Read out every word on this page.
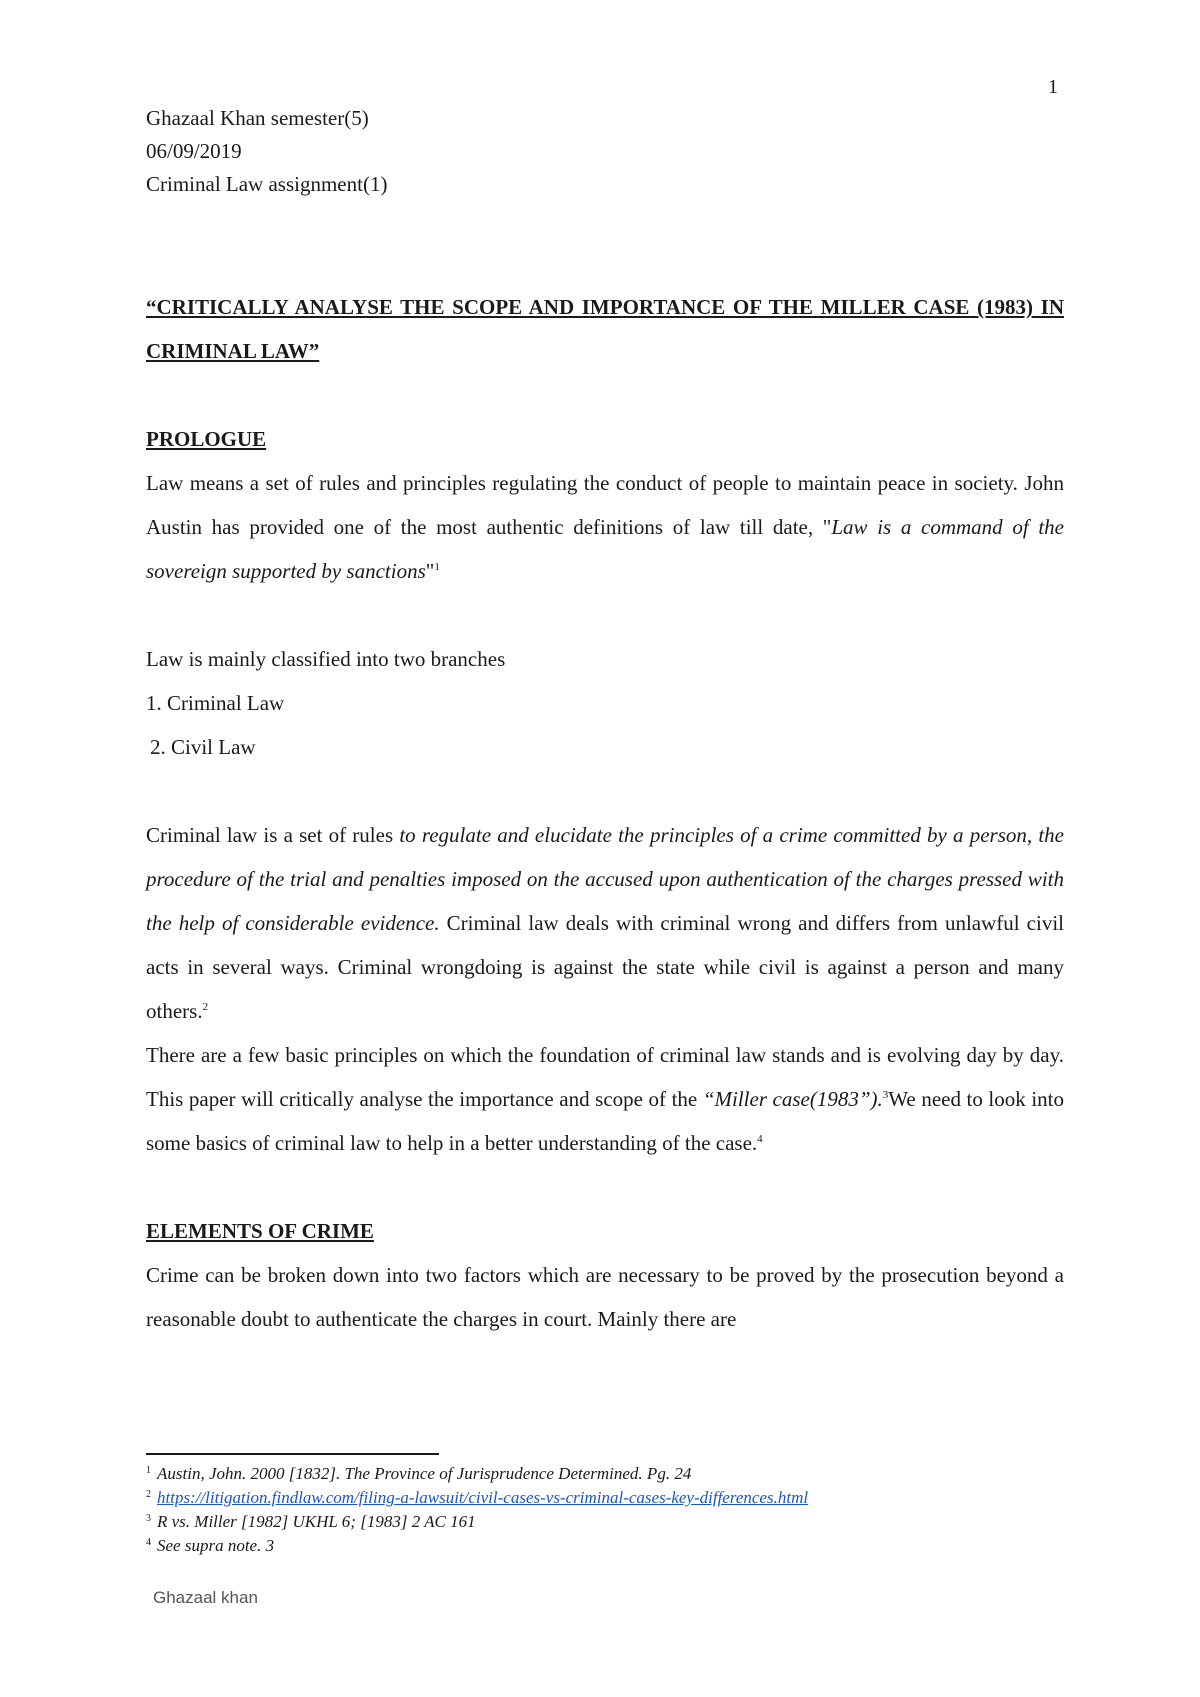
1
Ghazaal Khan semester(5)
06/09/2019
Criminal Law assignment(1)

“CRITICALLY ANALYSE THE SCOPE AND IMPORTANCE OF THE MILLER CASE (1983) IN CRIMINAL LAW”

PROLOGUE

Law means a set of rules and principles regulating the conduct of people to maintain peace in society. John Austin has provided one of the most authentic definitions of law till date, "Law is a command of the sovereign supported by sanctions"$^1$

Law is mainly classified into two branches

1. Criminal Law
2. Civil Law

Criminal law is a set of rules to regulate and elucidate the principles of a crime committed by a person, the procedure of the trial and penalties imposed on the accused upon authentication of the charges pressed with the help of considerable evidence. Criminal law deals with criminal wrong and differs from unlawful civil acts in several ways. Criminal wrongdoing is against the state while civil is against a person and many others.$^2$

There are a few basic principles on which the foundation of criminal law stands and is evolving day by day. This paper will critically analyse the importance and scope of the “Miller case(1983”).$^3$We need to look into some basics of criminal law to help in a better understanding of the case.$^4$

ELEMENTS OF CRIME

Crime can be broken down into two factors which are necessary to be proved by the prosecution beyond a reasonable doubt to authenticate the charges in court. Mainly there are

$^1$ Austin, John. 2000 [1832]. The Province of Jurisprudence Determined. Pg. 24
$^2$ https://litigation.findlaw.com/filing-a-lawsuit/civil-cases-vs-criminal-cases-key-differences.html
$^3$ R vs. Miller [1982] UKHL 6; [1983] 2 AC 161
$^4$ See supra note. 3
Ghazaal khan
